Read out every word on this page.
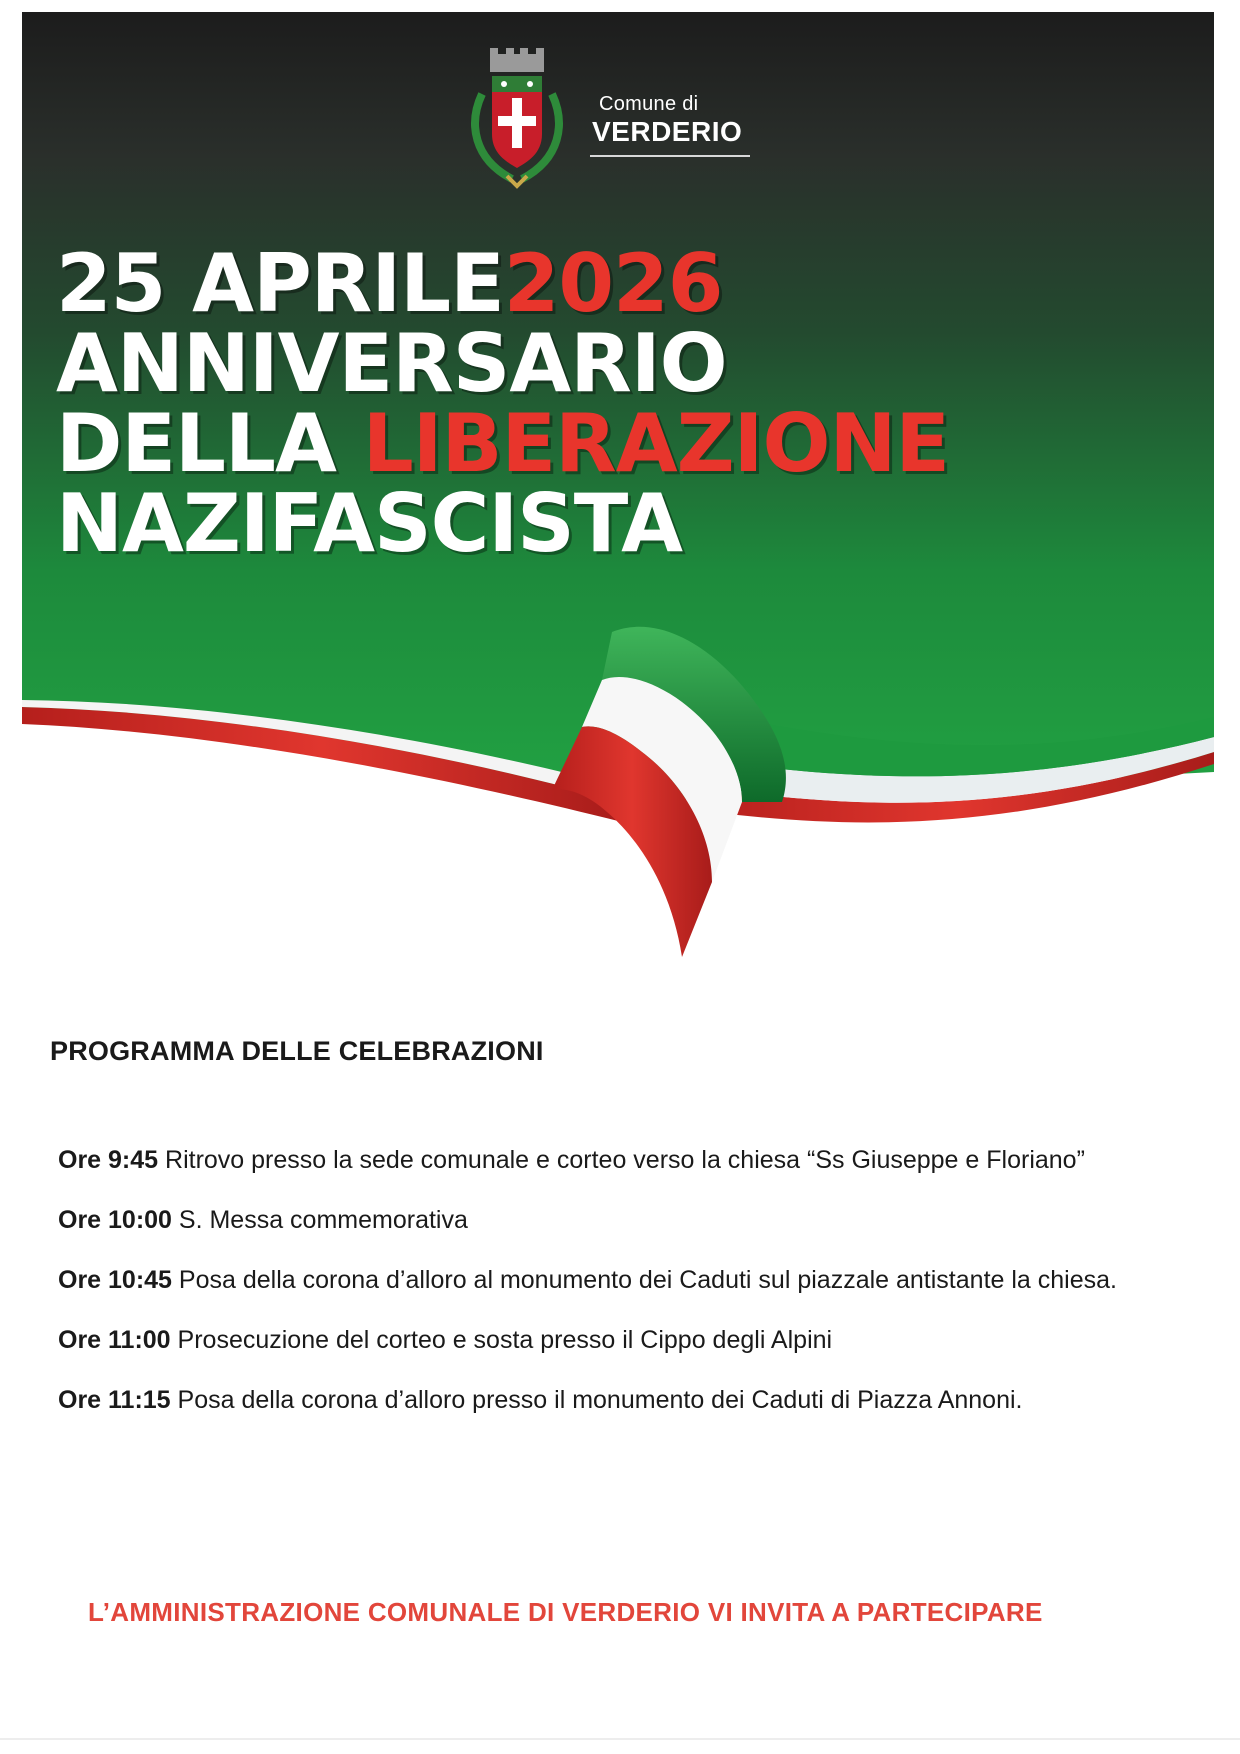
Comune di
VERDERIO
25 APRILE2026
ANNIVERSARIO
DELLA LIBERAZIONE
NAZIFASCISTA
PROGRAMMA DELLE CELEBRAZIONI
Ore 9:45 Ritrovo presso la sede comunale e corteo verso la chiesa “Ss Giuseppe e Floriano”
Ore 10:00 S. Messa commemorativa
Ore 10:45 Posa della corona d’alloro al monumento dei Caduti sul piazzale antistante la chiesa.
Ore 11:00 Prosecuzione del corteo e sosta presso il Cippo degli Alpini
Ore 11:15 Posa della corona d’alloro presso il monumento dei Caduti di Piazza Annoni.
L’AMMINISTRAZIONE COMUNALE DI VERDERIO VI INVITA A PARTECIPARE
